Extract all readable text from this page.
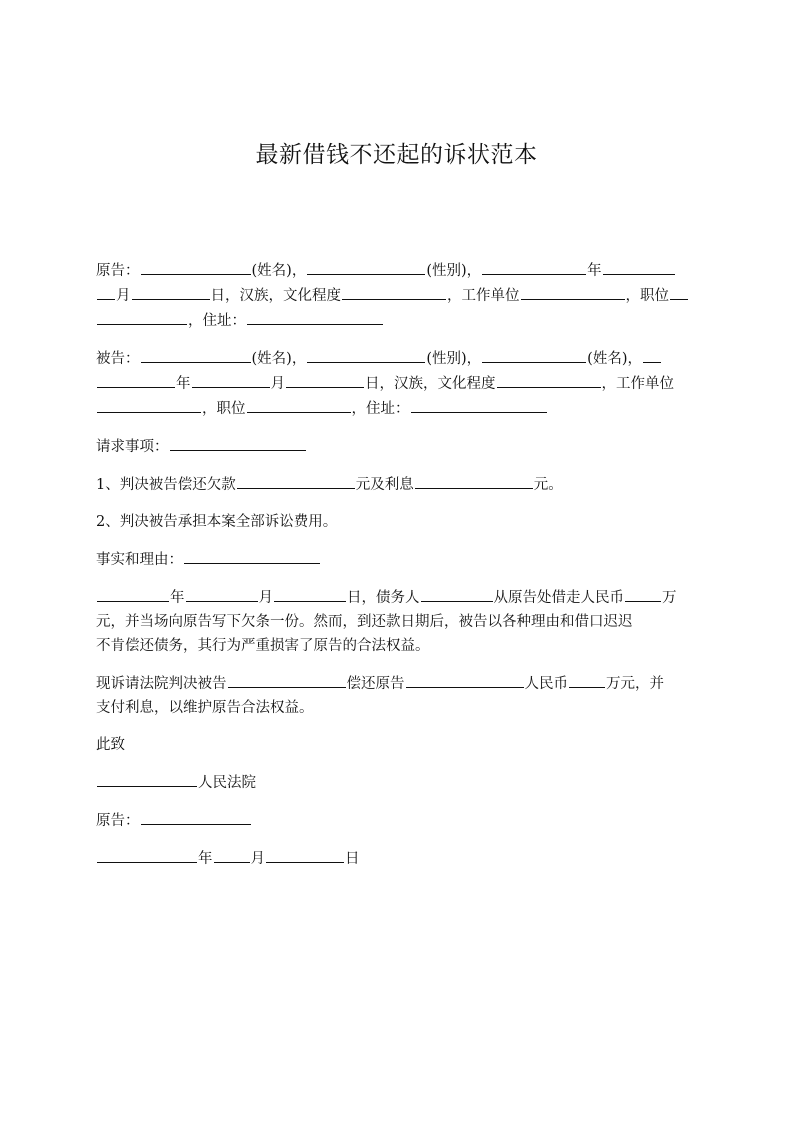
最新借钱不还起的诉状范本
原告：	(姓名)，	(性别)，	年
月	日，汉族，文化程度	，工作单位	，职位
，住址：
被告：	(姓名)，	(性别)，	(姓名)，
年	月	日，汉族，文化程度	，工作单位
，职位	，住址：
请求事项：
1、判决被告偿还欠款	元及利息	元。
2、判决被告承担本案全部诉讼费用。
事实和理由：
年	月	日，债务人	从原告处借走人民币	万
元，并当场向原告写下欠条一份。然而，到还款日期后，被告以各种理由和借口迟迟
不肯偿还债务，其行为严重损害了原告的合法权益。
现诉请法院判决被告	偿还原告	人民币	万元，并
支付利息，以维护原告合法权益。
此致
人民法院
原告：
年	月	日
